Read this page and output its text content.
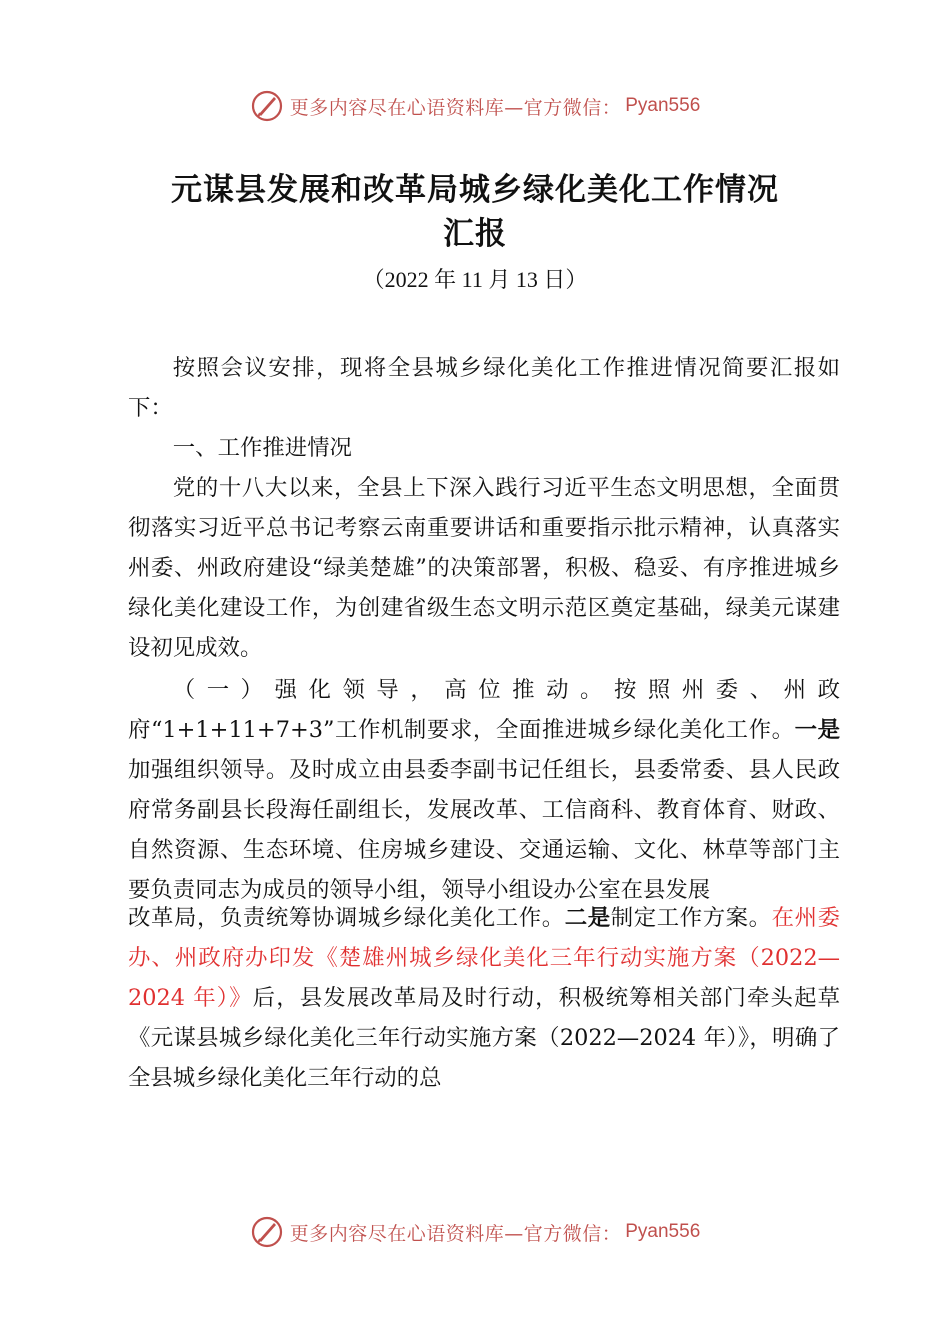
更多内容尽在心语资料库—官方微信： Pyan556
元谋县发展和改革局城乡绿化美化工作情况
汇报
（2022 年 11 月 13 日）

按照会议安排，现将全县城乡绿化美化工作推进情况简要汇报如下：

一、工作推进情况

党的十八大以来，全县上下深入践行习近平生态文明思想，全面贯彻落实习近平总书记考察云南重要讲话和重要指示批示精神，认真落实州委、州政府建设“绿美楚雄”的决策部署，积极、稳妥、有序推进城乡绿化美化建设工作，为创建省级生态文明示范区奠定基础，绿美元谋建设初见成效。

（一）强化领导，高位推动。按照州委、州政府“1+1+11+7+3”工作机制要求，全面推进城乡绿化美化工作。一是加强组织领导。及时成立由县委李副书记任组长，县委常委、县人民政府常务副县长段海任副组长，发展改革、工信商科、教育体育、财政、自然资源、生态环境、住房城乡建设、交通运输、文化、林草等部门主要负责同志为成员的领导小组，领导小组设办公室在县发展

改革局，负责统筹协调城乡绿化美化工作。二是制定工作方案。在州委办、州政府办印发《楚雄州城乡绿化美化三年行动实施方案（2022—2024 年）》后，县发展改革局及时行动，积极统筹相关部门牵头起草《元谋县城乡绿化美化三年行动实施方案（2022—2024 年）》，明确了全县城乡绿化美化三年行动的总

更多内容尽在心语资料库—官方微信： Pyan556
